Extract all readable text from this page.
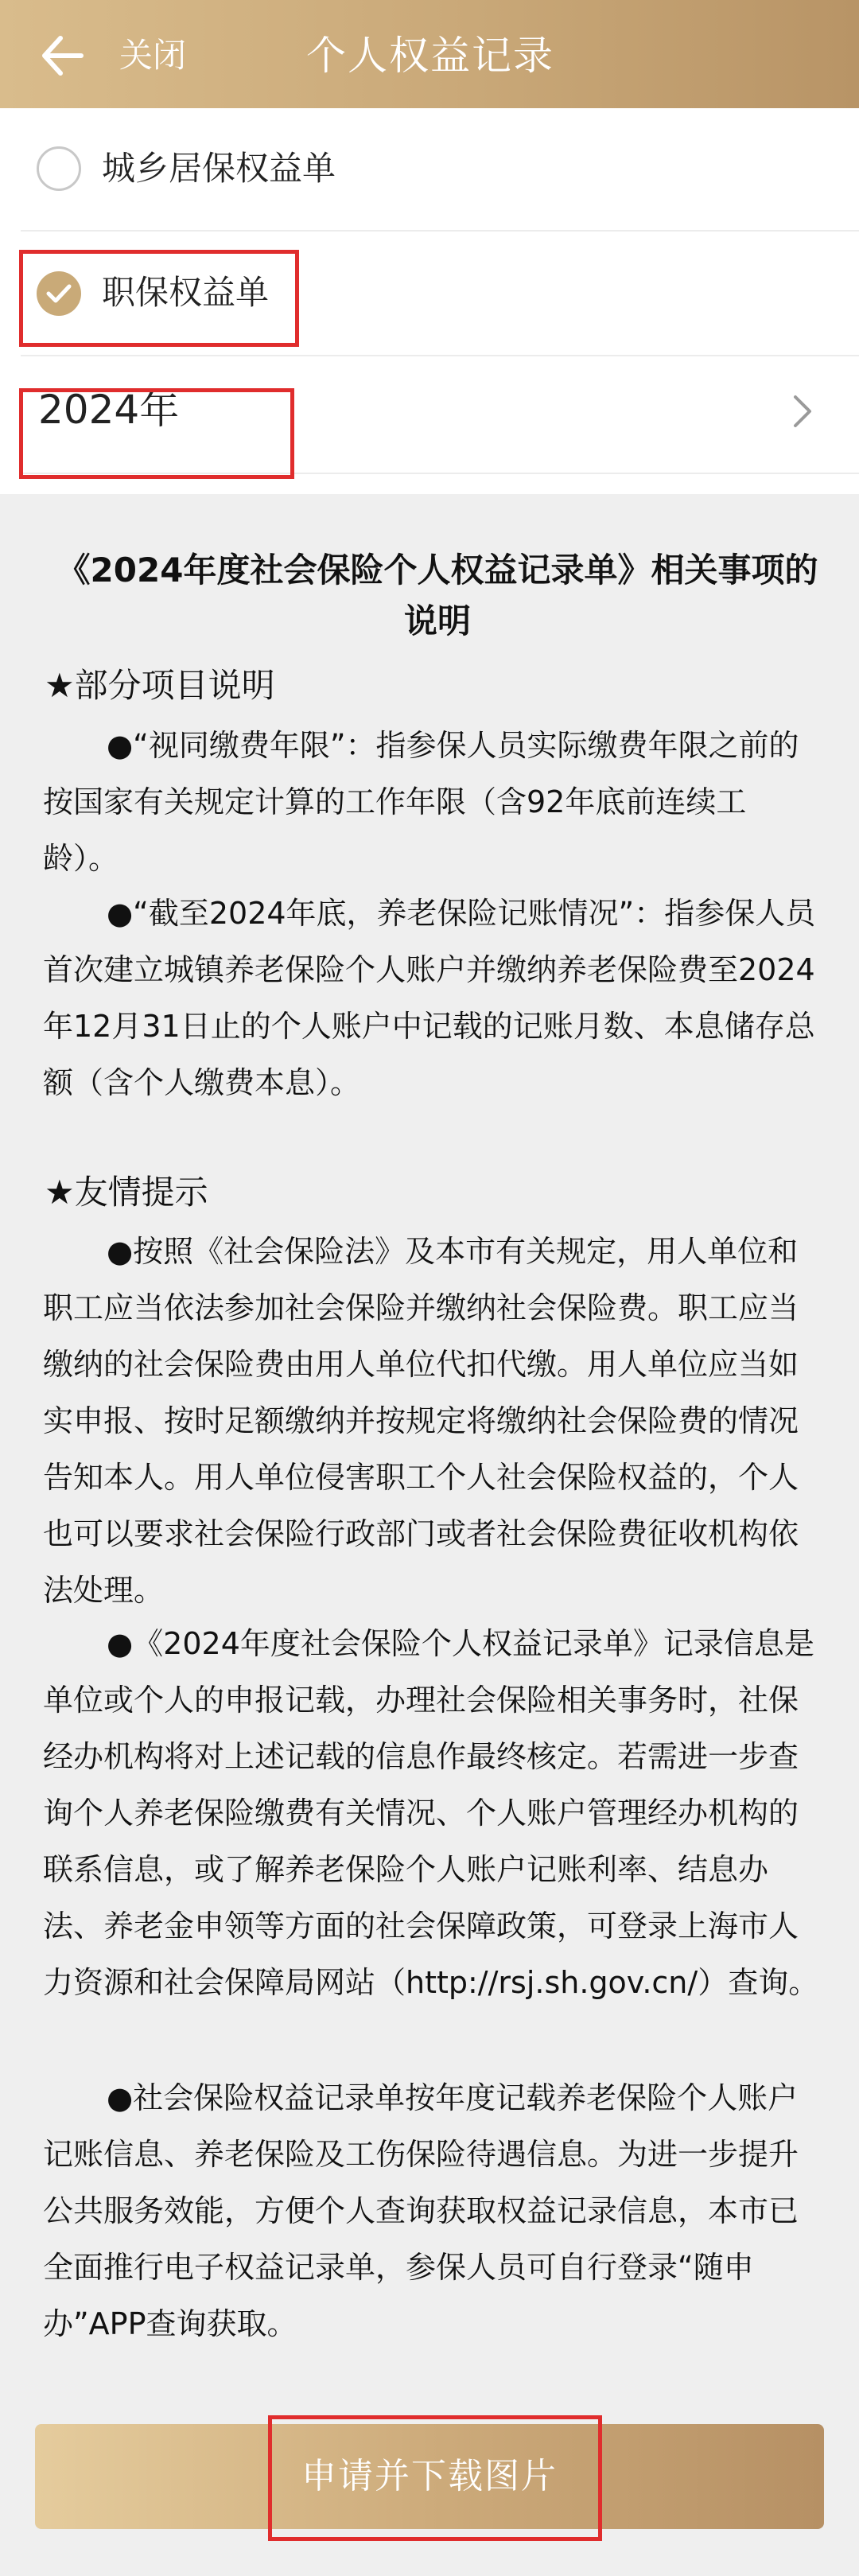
关闭	个人权益记录
城乡居保权益单
职保权益单
2024年
《2024年度社会保险个人权益记录单》相关事项的说明
★部分项目说明
●“视同缴费年限”：指参保人员实际缴费年限之前的按国家有关规定计算的工作年限（含92年底前连续工龄）。
●“截至2024年底，养老保险记账情况”：指参保人员首次建立城镇养老保险个人账户并缴纳养老保险费至2024年12月31日止的个人账户中记载的记账月数、本息储存总额（含个人缴费本息）。
★友情提示
●按照《社会保险法》及本市有关规定，用人单位和职工应当依法参加社会保险并缴纳社会保险费。职工应当缴纳的社会保险费由用人单位代扣代缴。用人单位应当如实申报、按时足额缴纳并按规定将缴纳社会保险费的情况告知本人。用人单位侵害职工个人社会保险权益的，个人也可以要求社会保险行政部门或者社会保险费征收机构依法处理。
●《2024年度社会保险个人权益记录单》记录信息是单位或个人的申报记载，办理社会保险相关事务时，社保经办机构将对上述记载的信息作最终核定。若需进一步查询个人养老保险缴费有关情况、个人账户管理经办机构的联系信息，或了解养老保险个人账户记账利率、结息办法、养老金申领等方面的社会保障政策，可登录上海市人力资源和社会保障局网站（http://rsj.sh.gov.cn/）查询。
●社会保险权益记录单按年度记载养老保险个人账户记账信息、养老保险及工伤保险待遇信息。为进一步提升公共服务效能，方便个人查询获取权益记录信息，本市已全面推行电子权益记录单，参保人员可自行登录“随申办”APP查询获取。
申请并下载图片
